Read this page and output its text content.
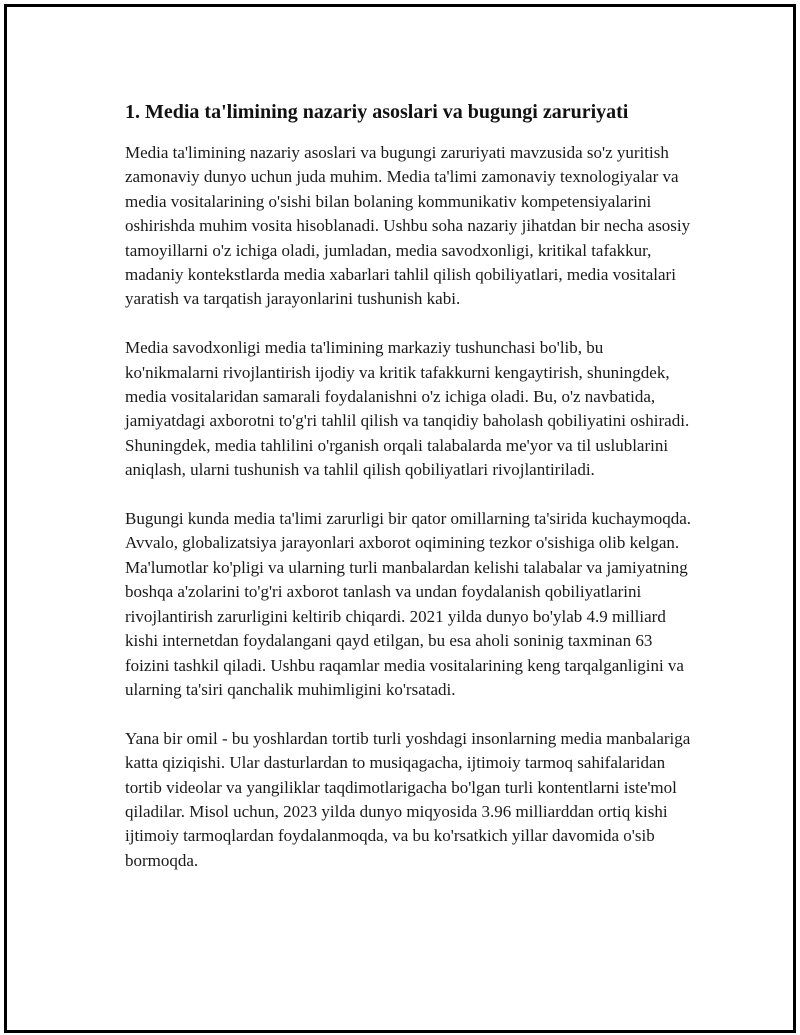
1. Media ta'limining nazariy asoslari va bugungi zaruriyati

Media ta'limining nazariy asoslari va bugungi zaruriyati mavzusida so'z yuritish zamonaviy dunyo uchun juda muhim. Media ta'limi zamonaviy texnologiyalar va media vositalarining o'sishi bilan bolaning kommunikativ kompetensiyalarini oshirishda muhim vosita hisoblanadi. Ushbu soha nazariy jihatdan bir necha asosiy tamoyillarni o'z ichiga oladi, jumladan, media savodxonligi, kritikal tafakkur, madaniy kontekstlarda media xabarlari tahlil qilish qobiliyatlari, media vositalari yaratish va tarqatish jarayonlarini tushunish kabi.

Media savodxonligi media ta'limining markaziy tushunchasi bo'lib, bu ko'nikmalarni rivojlantirish ijodiy va kritik tafakkurni kengaytirish, shuningdek, media vositalaridan samarali foydalanishni o'z ichiga oladi. Bu, o'z navbatida, jamiyatdagi axborotni to'g'ri tahlil qilish va tanqidiy baholash qobiliyatini oshiradi. Shuningdek, media tahlilini o'rganish orqali talabalarda me'yor va til uslublarini aniqlash, ularni tushunish va tahlil qilish qobiliyatlari rivojlantiriladi.

Bugungi kunda media ta'limi zarurligi bir qator omillarning ta'sirida kuchaymoqda. Avvalo, globalizatsiya jarayonlari axborot oqimining tezkor o'sishiga olib kelgan. Ma'lumotlar ko'pligi va ularning turli manbalardan kelishi talabalar va jamiyatning boshqa a'zolarini to'g'ri axborot tanlash va undan foydalanish qobiliyatlarini rivojlantirish zarurligini keltirib chiqardi. 2021 yilda dunyo bo'ylab 4.9 milliard kishi internetdan foydalangani qayd etilgan, bu esa aholi soninig taxminan 63 foizini tashkil qiladi. Ushbu raqamlar media vositalarining keng tarqalganligini va ularning ta'siri qanchalik muhimligini ko'rsatadi.

Yana bir omil - bu yoshlardan tortib turli yoshdagi insonlarning media manbalariga katta qiziqishi. Ular dasturlardan to musiqagacha, ijtimoiy tarmoq sahifalaridan tortib videolar va yangiliklar taqdimotlarigacha bo'lgan turli kontentlarni iste'mol qiladilar. Misol uchun, 2023 yilda dunyo miqyosida 3.96 milliarddan ortiq kishi ijtimoiy tarmoqlardan foydalanmoqda, va bu ko'rsatkich yillar davomida o'sib bormoqda.
